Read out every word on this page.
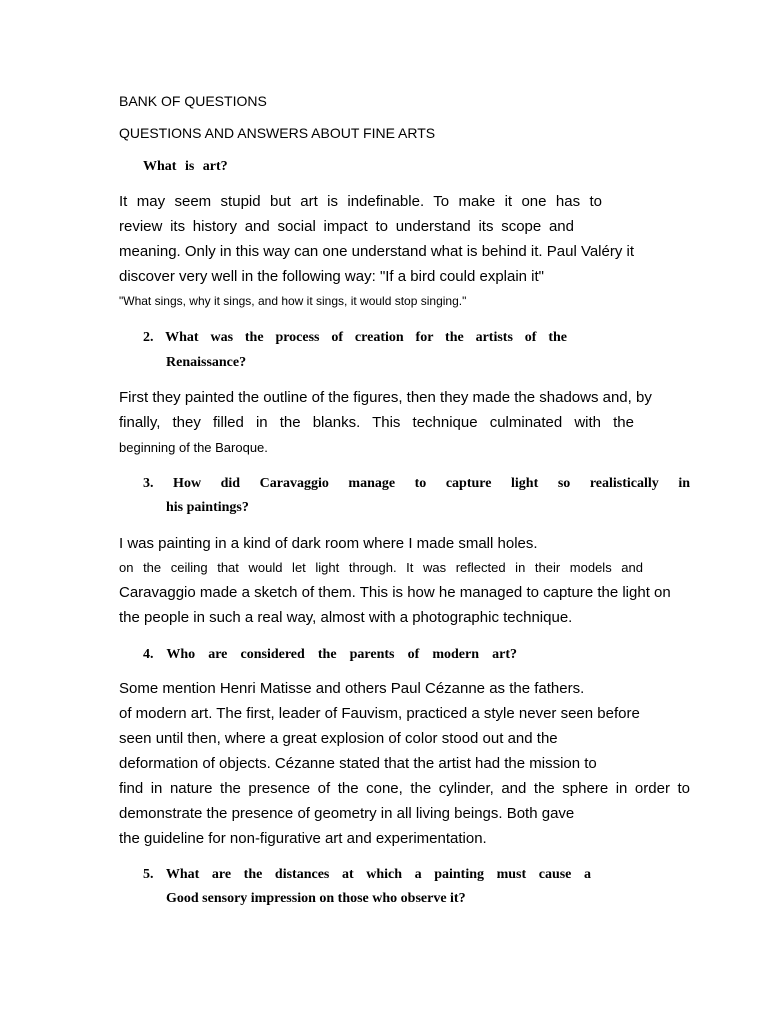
BANK OF QUESTIONS
QUESTIONS AND ANSWERS ABOUT FINE ARTS
What is art?
It may seem stupid but art is indefinable. To make it one has to
review its history and social impact to understand its scope and
meaning. Only in this way can one understand what is behind it. Paul Valéry it
discover very well in the following way: "If a bird could explain it"
"What sings, why it sings, and how it sings, it would stop singing."
2. What was the process of creation for the artists of the
Renaissance?
First they painted the outline of the figures, then they made the shadows and, by
finally, they filled in the blanks. This technique culminated with the
beginning of the Baroque.
3. How did Caravaggio manage to capture light so realistically in
his paintings?
I was painting in a kind of dark room where I made small holes.
on the ceiling that would let light through. It was reflected in their models and
Caravaggio made a sketch of them. This is how he managed to capture the light on
the people in such a real way, almost with a photographic technique.
4. Who are considered the parents of modern art?
Some mention Henri Matisse and others Paul Cézanne as the fathers.
of modern art. The first, leader of Fauvism, practiced a style never seen before
seen until then, where a great explosion of color stood out and the
deformation of objects. Cézanne stated that the artist had the mission to
find in nature the presence of the cone, the cylinder, and the sphere in order to
demonstrate the presence of geometry in all living beings. Both gave
the guideline for non-figurative art and experimentation.
5. What are the distances at which a painting must cause a
Good sensory impression on those who observe it?
